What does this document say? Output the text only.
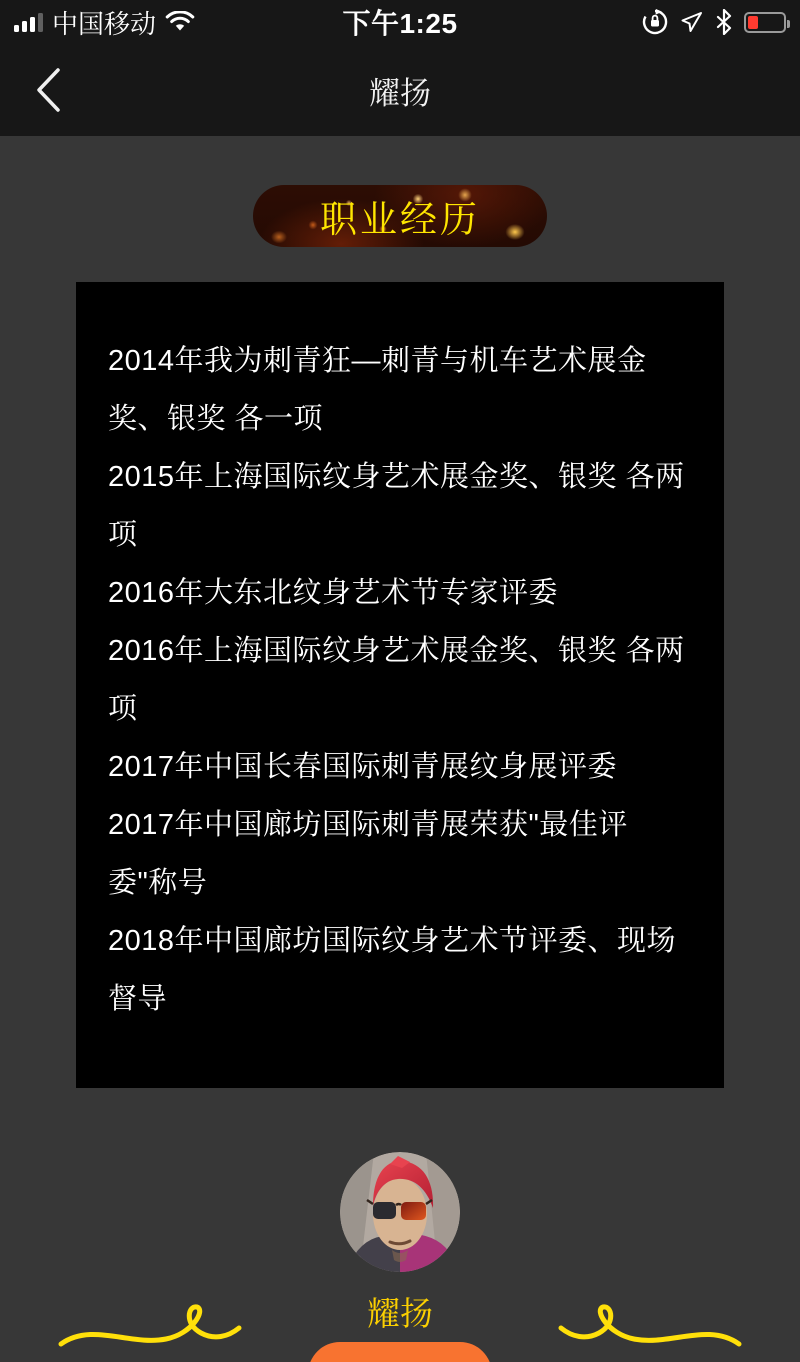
中国移动	下午1:25
耀扬
职业经历
2014年我为刺青狂—刺青与机车艺术展金奖、银奖 各一项
2015年上海国际纹身艺术展金奖、银奖 各两项
2016年大东北纹身艺术节专家评委
2016年上海国际纹身艺术展金奖、银奖 各两项
2017年中国长春国际刺青展纹身展评委
2017年中国廊坊国际刺青展荣获"最佳评委"称号
2018年中国廊坊国际纹身艺术节评委、现场督导
耀扬
